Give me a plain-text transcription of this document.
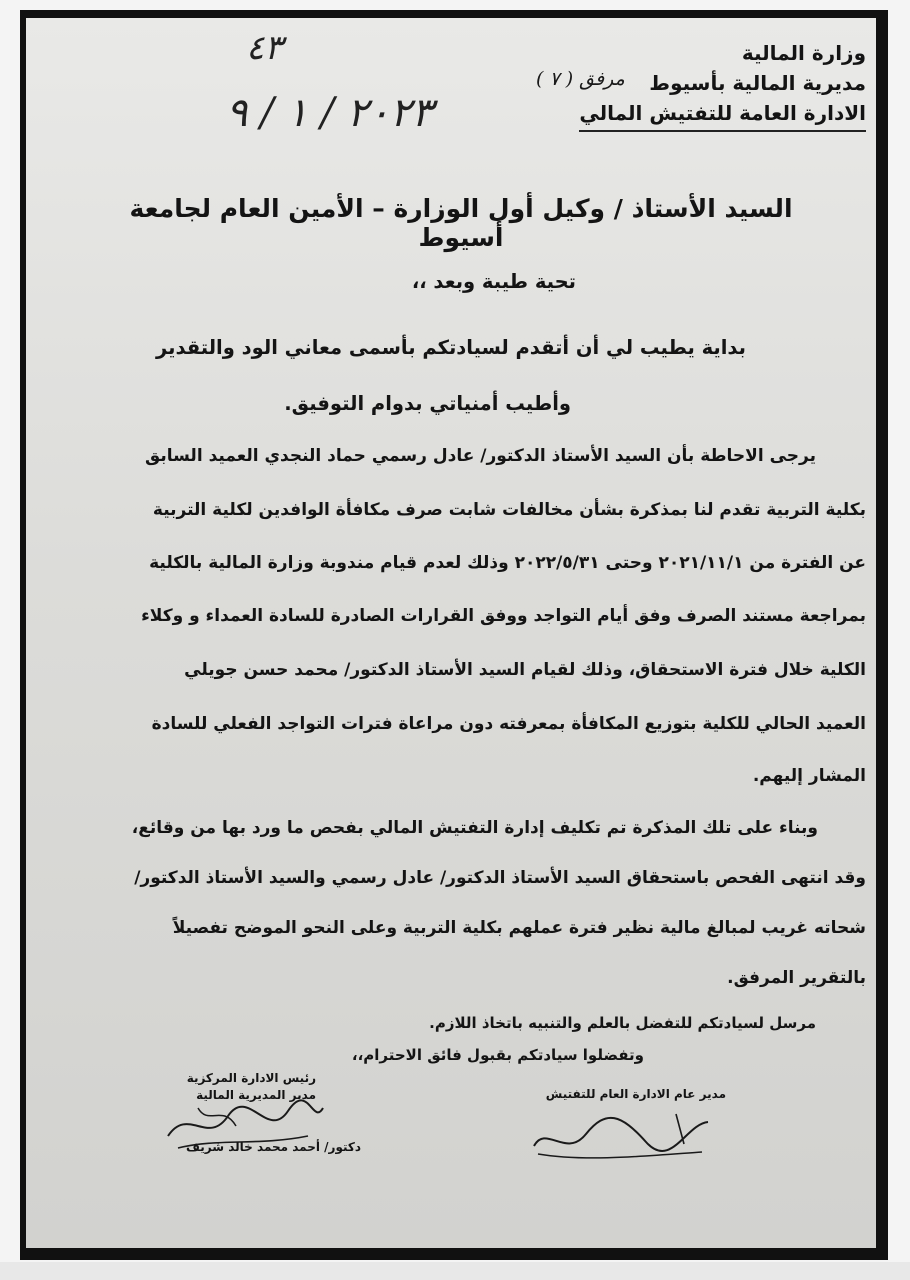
وزارة المالية
مديرية المالية بأسيوط
الادارة العامة للتفتيش المالي
مرفق ( ٧ )
٤٣
٢٠٢٣ / ١ / ٩
السيد الأستاذ / وكيل أول الوزارة – الأمين العام لجامعة أسيوط
تحية طيبة وبعد ،،
بداية يطيب لي أن أتقدم لسيادتكم بأسمى معاني الود والتقدير
وأطيب أمنياتي بدوام التوفيق.
يرجى الاحاطة بأن السيد الأستاذ الدكتور/ عادل رسمي حماد النجدي العميد السابق
بكلية التربية تقدم لنا بمذكرة بشأن مخالفات شابت صرف مكافأة الوافدين لكلية التربية
عن الفترة من ٢٠٢١/١١/١ وحتى ٢٠٢٢/٥/٣١ وذلك لعدم قيام مندوبة وزارة المالية بالكلية
بمراجعة مستند الصرف وفق أيام التواجد ووفق القرارات الصادرة للسادة العمداء و وكلاء
الكلية خلال فترة الاستحقاق، وذلك لقيام السيد الأستاذ الدكتور/ محمد حسن جويلي
العميد الحالي للكلية بتوزيع المكافأة بمعرفته دون مراعاة فترات التواجد الفعلي للسادة
المشار إليهم.
وبناء على تلك المذكرة تم تكليف إدارة التفتيش المالي بفحص ما ورد بها من وقائع،
وقد انتهى الفحص باستحقاق السيد الأستاذ الدكتور/ عادل رسمي والسيد الأستاذ الدكتور/
شحاته غريب لمبالغ مالية نظير فترة عملهم بكلية التربية وعلى النحو الموضح تفصيلاً
بالتقرير المرفق.
مرسل لسيادتكم للتفضل بالعلم والتنبيه باتخاذ اللازم.
وتفضلوا سيادتكم بقبول فائق الاحترام،،
رئيس الادارة المركزية
مدير المديرية المالية
دكتور/ أحمد محمد خالد شريف
مدير عام الادارة العام للتفتيش
